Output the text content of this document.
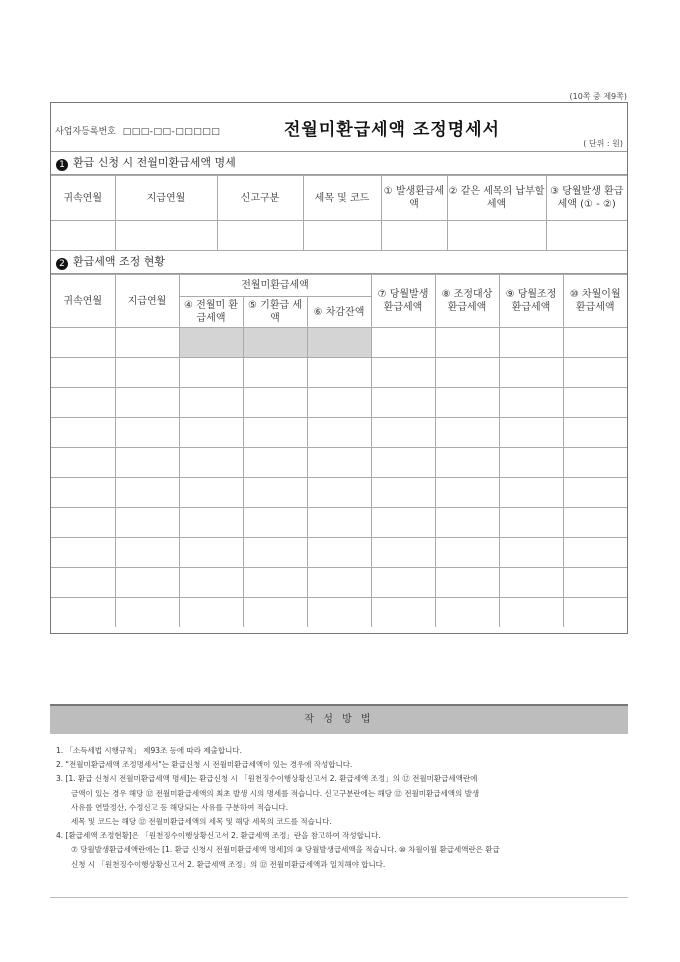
(10쪽 중 제9쪽)
사업자등록번호 □□□-□□-□□□□□	전월미환급세액 조정명세서
( 단위 : 원)
1 환급 신청 시 전월미환급세액 명세
귀속연월	지급연월	신고구분	세목 및 코드	① 발생환급세액	② 같은 세목의 납부할세액	③ 당월발생 환급세액 (① - ②)

2 환급세액 조정 현황
귀속연월	지급연월	전월미환급세액			⑦ 당월발생 환급세액	⑧ 조정대상 환급세액	⑨ 당월조정 환급세액	⑩ 차월이월 환급세액
		④ 전월미 환급세액	⑤ 기환급 세액	⑥ 차감잔액				

작 성 방 법
1. 「소득세법 시행규칙」 제93조 등에 따라 제출합니다.
2. "전월미환급세액 조정명세서"는 환급신청 시 전월미환급세액이 있는 경우에 작성합니다.
3. [1. 환급 신청시 전월미환급세액 명세]는 환급신청 시 「원천징수이행상황신고서 2. 환급세액 조정」의 ⑫ 전월미환급세액란에
금액이 있는 경우 해당 ⑫ 전월미환급세액의 최초 발생 시의 명세를 적습니다. 신고구분란에는 해당 ⑫ 전월미환급세액의 발생
사유를 연말정산, 수정신고 등 해당되는 사유를 구분하여 적습니다.
세목 및 코드는 해당 ⑫ 전월미환급세액의 세목 및 해당 세목의 코드를 적습니다.
4. [환급세액 조정현황]은 「원천징수이행상황신고서 2. 환급세액 조정」란을 참고하여 작성합니다.
⑦ 당월발생환급세액란에는 [1. 환급 신청시 전월미환급세액 명세]의 ③ 당월발생급세액을 적습니다. ⑩ 차월이월 환급세액란은 환급
신청 시 「원천징수이행상황신고서 2. 환급세액 조정」의 ⑫ 전월미환급세액과 일치해야 합니다.
